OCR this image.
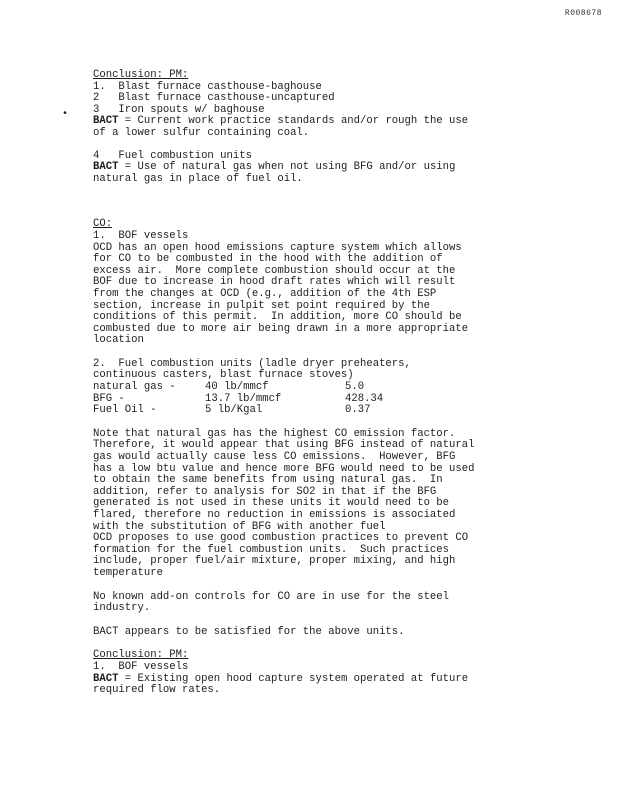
R008678
•
Conclusion: PM:
1.  Blast furnace casthouse-baghouse
2   Blast furnace casthouse-uncaptured
3   Iron spouts w/ baghouse
BACT = Current work practice standards and/or rough the use
of a lower sulfur containing coal.
4   Fuel combustion units
BACT = Use of natural gas when not using BFG and/or using
natural gas in place of fuel oil.
CO:
1.  BOF vessels
OCD has an open hood emissions capture system which allows
for CO to be combusted in the hood with the addition of
excess air.  More complete combustion should occur at the
BOF due to increase in hood draft rates which will result
from the changes at OCD (e.g., addition of the 4th ESP
section, increase in pulpit set point required by the
conditions of this permit.  In addition, more CO should be
combusted due to more air being drawn in a more appropriate
location
2.  Fuel combustion units (ladle dryer preheaters,
continuous casters, blast furnace stoves)
natural gas -	40 lb/mmcf	5.0
BFG -	13.7 lb/mmcf	428.34
Fuel Oil -	5 lb/Kgal	0.37
Note that natural gas has the highest CO emission factor.
Therefore, it would appear that using BFG instead of natural
gas would actually cause less CO emissions.  However, BFG
has a low btu value and hence more BFG would need to be used
to obtain the same benefits from using natural gas.  In
addition, refer to analysis for SO2 in that if the BFG
generated is not used in these units it would need to be
flared, therefore no reduction in emissions is associated
with the substitution of BFG with another fuel
OCD proposes to use good combustion practices to prevent CO
formation for the fuel combustion units.  Such practices
include, proper fuel/air mixture, proper mixing, and high
temperature
No known add-on controls for CO are in use for the steel
industry.
BACT appears to be satisfied for the above units.
Conclusion: PM:
1.  BOF vessels
BACT = Existing open hood capture system operated at future
required flow rates.
